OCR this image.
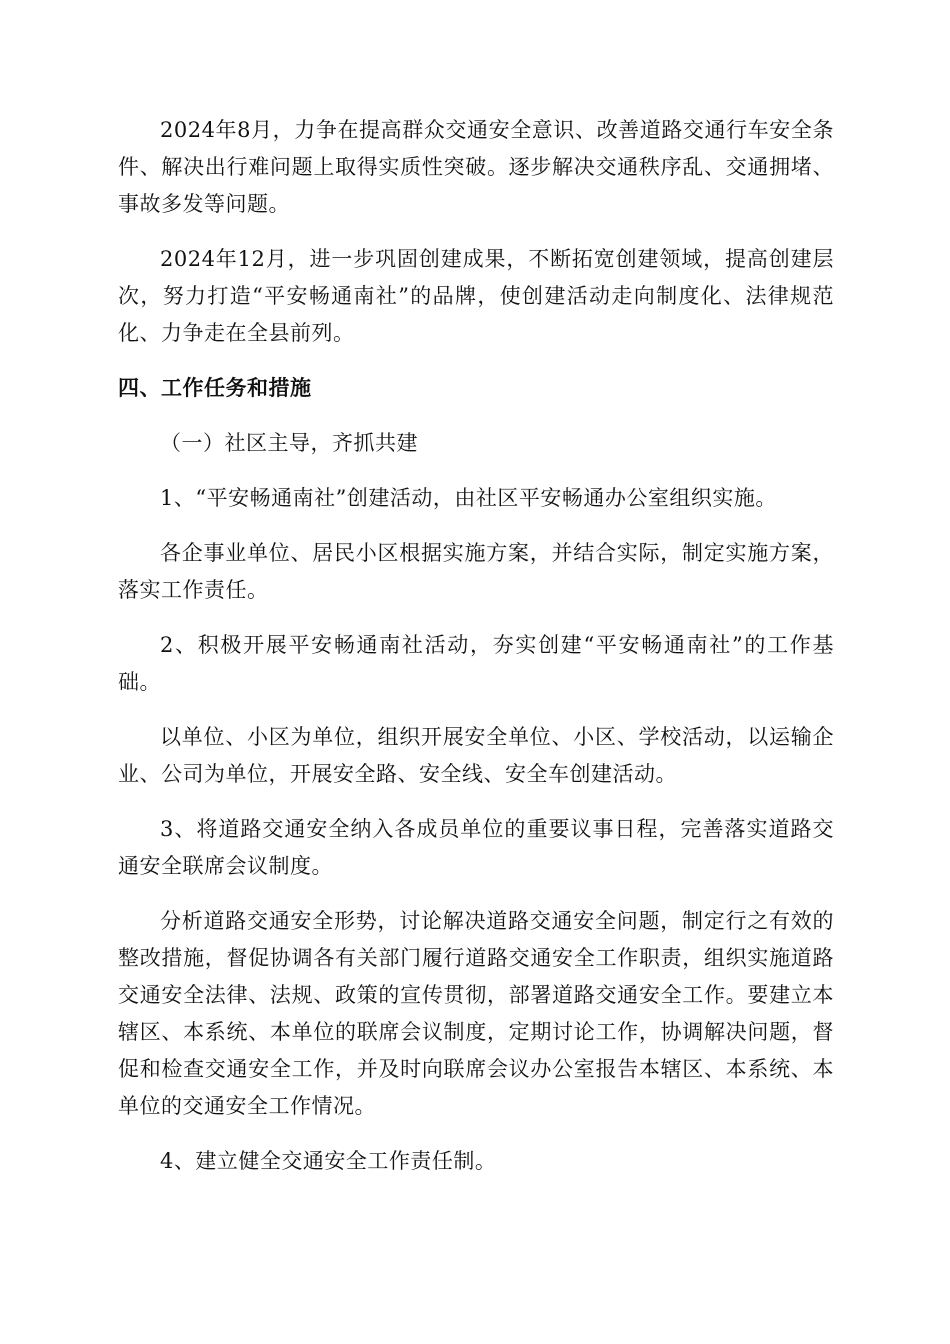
2024年8月，力争在提高群众交通安全意识、改善道路交通行车安全条件、解决出行难问题上取得实质性突破。逐步解决交通秩序乱、交通拥堵、事故多发等问题。

2024年12月，进一步巩固创建成果，不断拓宽创建领域，提高创建层次，努力打造“平安畅通南社”的品牌，使创建活动走向制度化、法律规范化、力争走在全县前列。

四、工作任务和措施

（一）社区主导，齐抓共建

1、“平安畅通南社”创建活动，由社区平安畅通办公室组织实施。

各企事业单位、居民小区根据实施方案，并结合实际，制定实施方案，落实工作责任。

2、积极开展平安畅通南社活动，夯实创建“平安畅通南社”的工作基础。

以单位、小区为单位，组织开展安全单位、小区、学校活动，以运输企业、公司为单位，开展安全路、安全线、安全车创建活动。

3、将道路交通安全纳入各成员单位的重要议事日程，完善落实道路交通安全联席会议制度。

分析道路交通安全形势，讨论解决道路交通安全问题，制定行之有效的整改措施，督促协调各有关部门履行道路交通安全工作职责，组织实施道路交通安全法律、法规、政策的宣传贯彻，部署道路交通安全工作。要建立本辖区、本系统、本单位的联席会议制度，定期讨论工作，协调解决问题，督促和检查交通安全工作，并及时向联席会议办公室报告本辖区、本系统、本单位的交通安全工作情况。

4、建立健全交通安全工作责任制。
